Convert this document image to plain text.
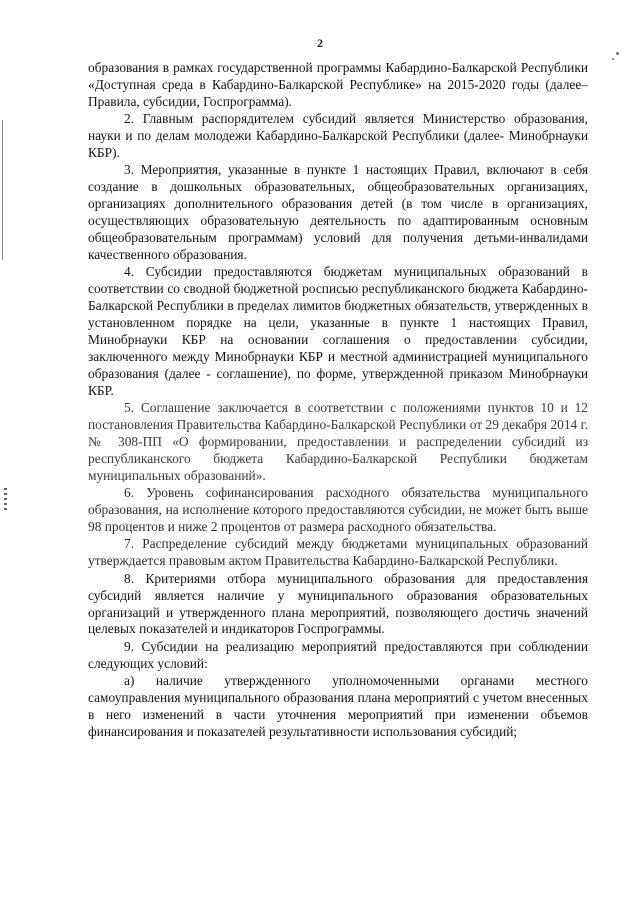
2

образования в рамках государственной программы Кабардино-Балкарской Республики «Доступная среда в Кабардино-Балкарской Республике» на 2015-2020 годы (далее–Правила, субсидии, Госпрограмма).

2. Главным распорядителем субсидий является Министерство образования, науки и по делам молодежи Кабардино-Балкарской Республики (далее- Минобрнауки КБР).

3. Мероприятия, указанные в пункте 1 настоящих Правил, включают в себя создание в дошкольных образовательных, общеобразовательных организациях, организациях дополнительного образования детей (в том числе в организациях, осуществляющих образовательную деятельность по адаптированным основным общеобразовательным программам) условий для получения детьми-инвалидами качественного образования.

4. Субсидии предоставляются бюджетам муниципальных образований в соответствии со сводной бюджетной росписью республиканского бюджета Кабардино-Балкарской Республики в пределах лимитов бюджетных обязательств, утвержденных в установленном порядке на цели, указанные в пункте 1 настоящих Правил, Минобрнауки КБР на основании соглашения о предоставлении субсидии, заключенного между Минобрнауки КБР и местной администрацией муниципального образования (далее - соглашение), по форме, утвержденной приказом Минобрнауки КБР.

5. Соглашение заключается в соответствии с положениями пунктов 10 и 12 постановления Правительства Кабардино-Балкарской Республики от 29 декабря 2014 г. № 308-ПП «О формировании, предоставлении и распределении субсидий из республиканского бюджета Кабардино-Балкарской Республики бюджетам муниципальных образований».

6. Уровень софинансирования расходного обязательства муниципального образования, на исполнение которого предоставляются субсидии, не может быть выше 98 процентов и ниже 2 процентов от размера расходного обязательства.

7. Распределение субсидий между бюджетами муниципальных образований утверждается правовым актом Правительства Кабардино-Балкарской Республики.

8. Критериями отбора муниципального образования для предоставления субсидий является наличие у муниципального образования образовательных организаций и утвержденного плана мероприятий, позволяющего достичь значений целевых показателей и индикаторов Госпрограммы.

9. Субсидии на реализацию мероприятий предоставляются при соблюдении следующих условий:

а) наличие утвержденного уполномоченными органами местного самоуправления муниципального образования плана мероприятий с учетом внесенных в него изменений в части уточнения мероприятий при изменении объемов финансирования и показателей результативности использования субсидий;
